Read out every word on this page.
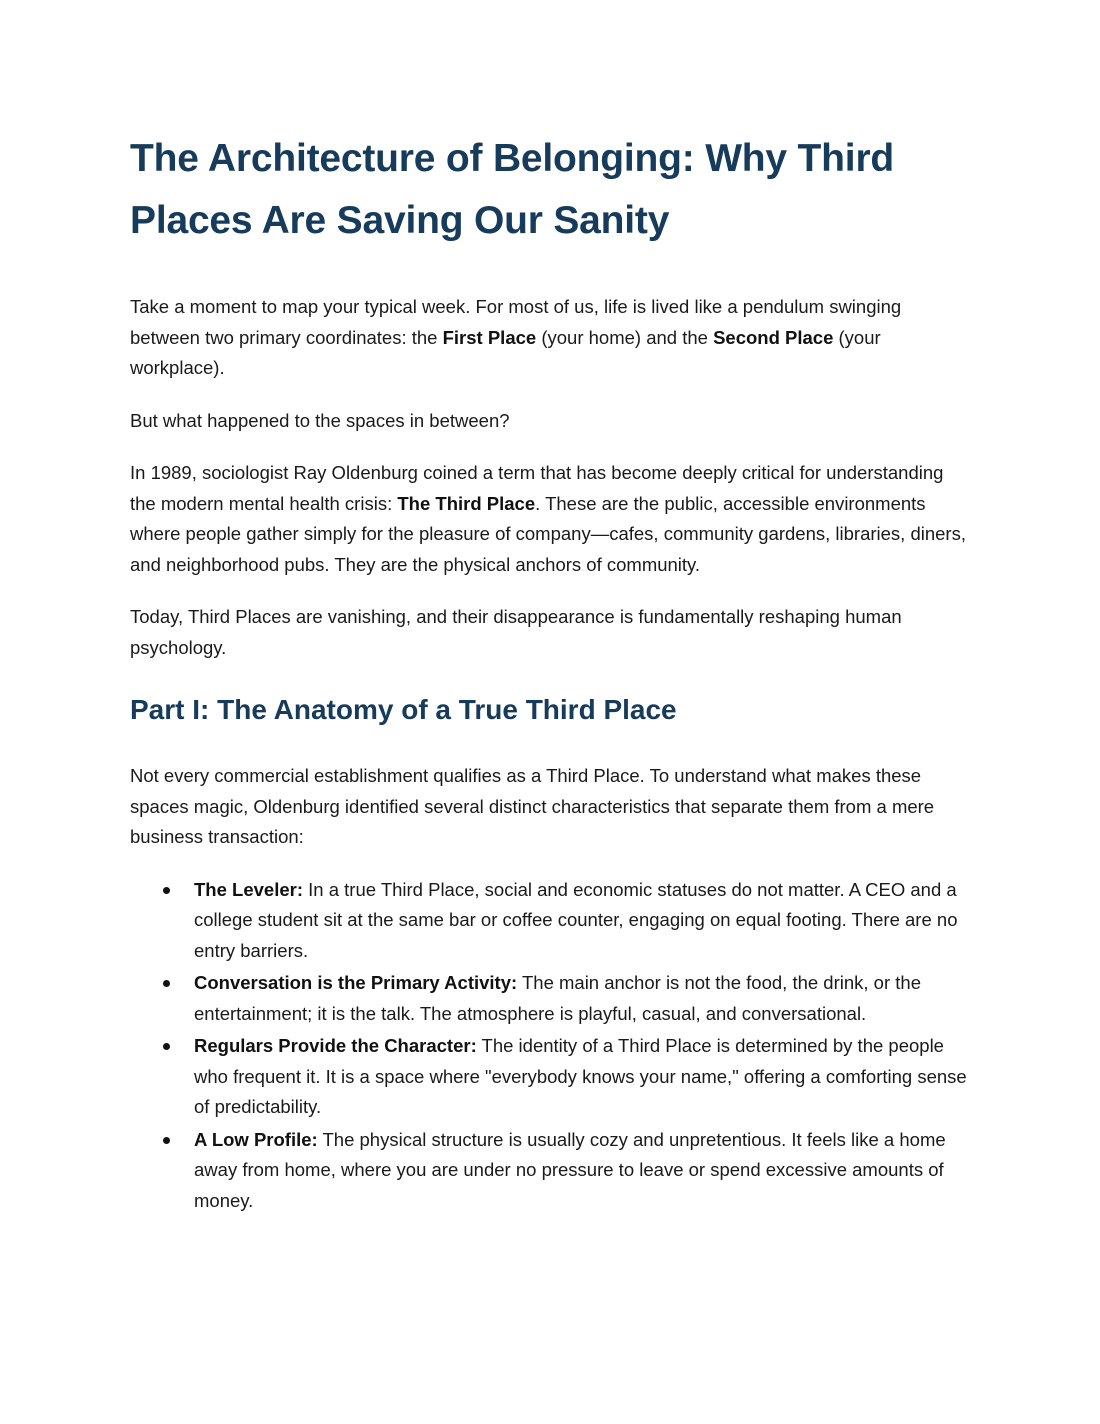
The Architecture of Belonging: Why Third Places Are Saving Our Sanity

Take a moment to map your typical week. For most of us, life is lived like a pendulum swinging between two primary coordinates: the First Place (your home) and the Second Place (your workplace).

But what happened to the spaces in between?

In 1989, sociologist Ray Oldenburg coined a term that has become deeply critical for understanding the modern mental health crisis: The Third Place. These are the public, accessible environments where people gather simply for the pleasure of company—cafes, community gardens, libraries, diners, and neighborhood pubs. They are the physical anchors of community.

Today, Third Places are vanishing, and their disappearance is fundamentally reshaping human psychology.

Part I: The Anatomy of a True Third Place

Not every commercial establishment qualifies as a Third Place. To understand what makes these spaces magic, Oldenburg identified several distinct characteristics that separate them from a mere business transaction:

The Leveler: In a true Third Place, social and economic statuses do not matter. A CEO and a college student sit at the same bar or coffee counter, engaging on equal footing. There are no entry barriers.
Conversation is the Primary Activity: The main anchor is not the food, the drink, or the entertainment; it is the talk. The atmosphere is playful, casual, and conversational.
Regulars Provide the Character: The identity of a Third Place is determined by the people who frequent it. It is a space where "everybody knows your name," offering a comforting sense of predictability.
A Low Profile: The physical structure is usually cozy and unpretentious. It feels like a home away from home, where you are under no pressure to leave or spend excessive amounts of money.
